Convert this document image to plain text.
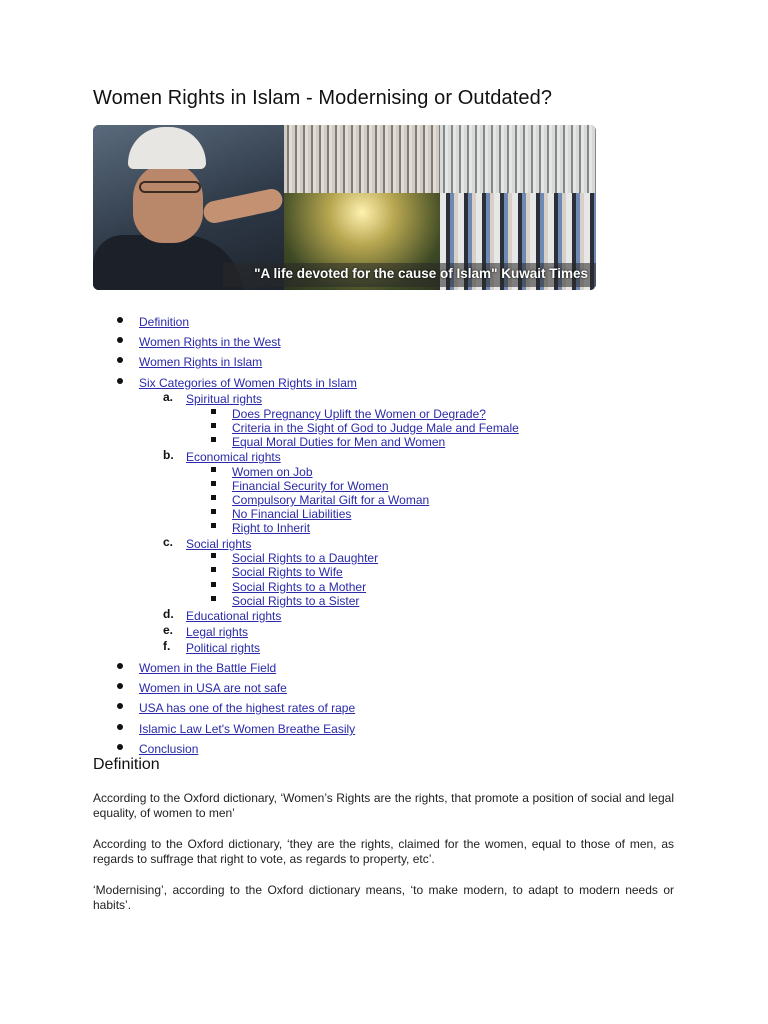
Women Rights in Islam - Modernising or Outdated?
"A life devoted for the cause of Islam" Kuwait Times
Definition
Women Rights in the West
Women Rights in Islam
Six Categories of Women Rights in Islam
a. Spiritual rights
Does Pregnancy Uplift the Women or Degrade?
Criteria in the Sight of God to Judge Male and Female
Equal Moral Duties for Men and Women
b. Economical rights
Women on Job
Financial Security for Women
Compulsory Marital Gift for a Woman
No Financial Liabilities
Right to Inherit
c. Social rights
Social Rights to a Daughter
Social Rights to Wife
Social Rights to a Mother
Social Rights to a Sister
d. Educational rights
e. Legal rights
f. Political rights
Women in the Battle Field
Women in USA are not safe
USA has one of the highest rates of rape
Islamic Law Let's Women Breathe Easily
Conclusion
Definition

According to the Oxford dictionary, ‘Women’s Rights are the rights, that promote a position of social and legal equality, of women to men’

According to the Oxford dictionary, ‘they are the rights, claimed for the women, equal to those of men, as regards to suffrage that right to vote, as regards to property, etc’.

‘Modernising’, according to the Oxford dictionary means, ‘to make modern, to adapt to modern needs or habits’.
